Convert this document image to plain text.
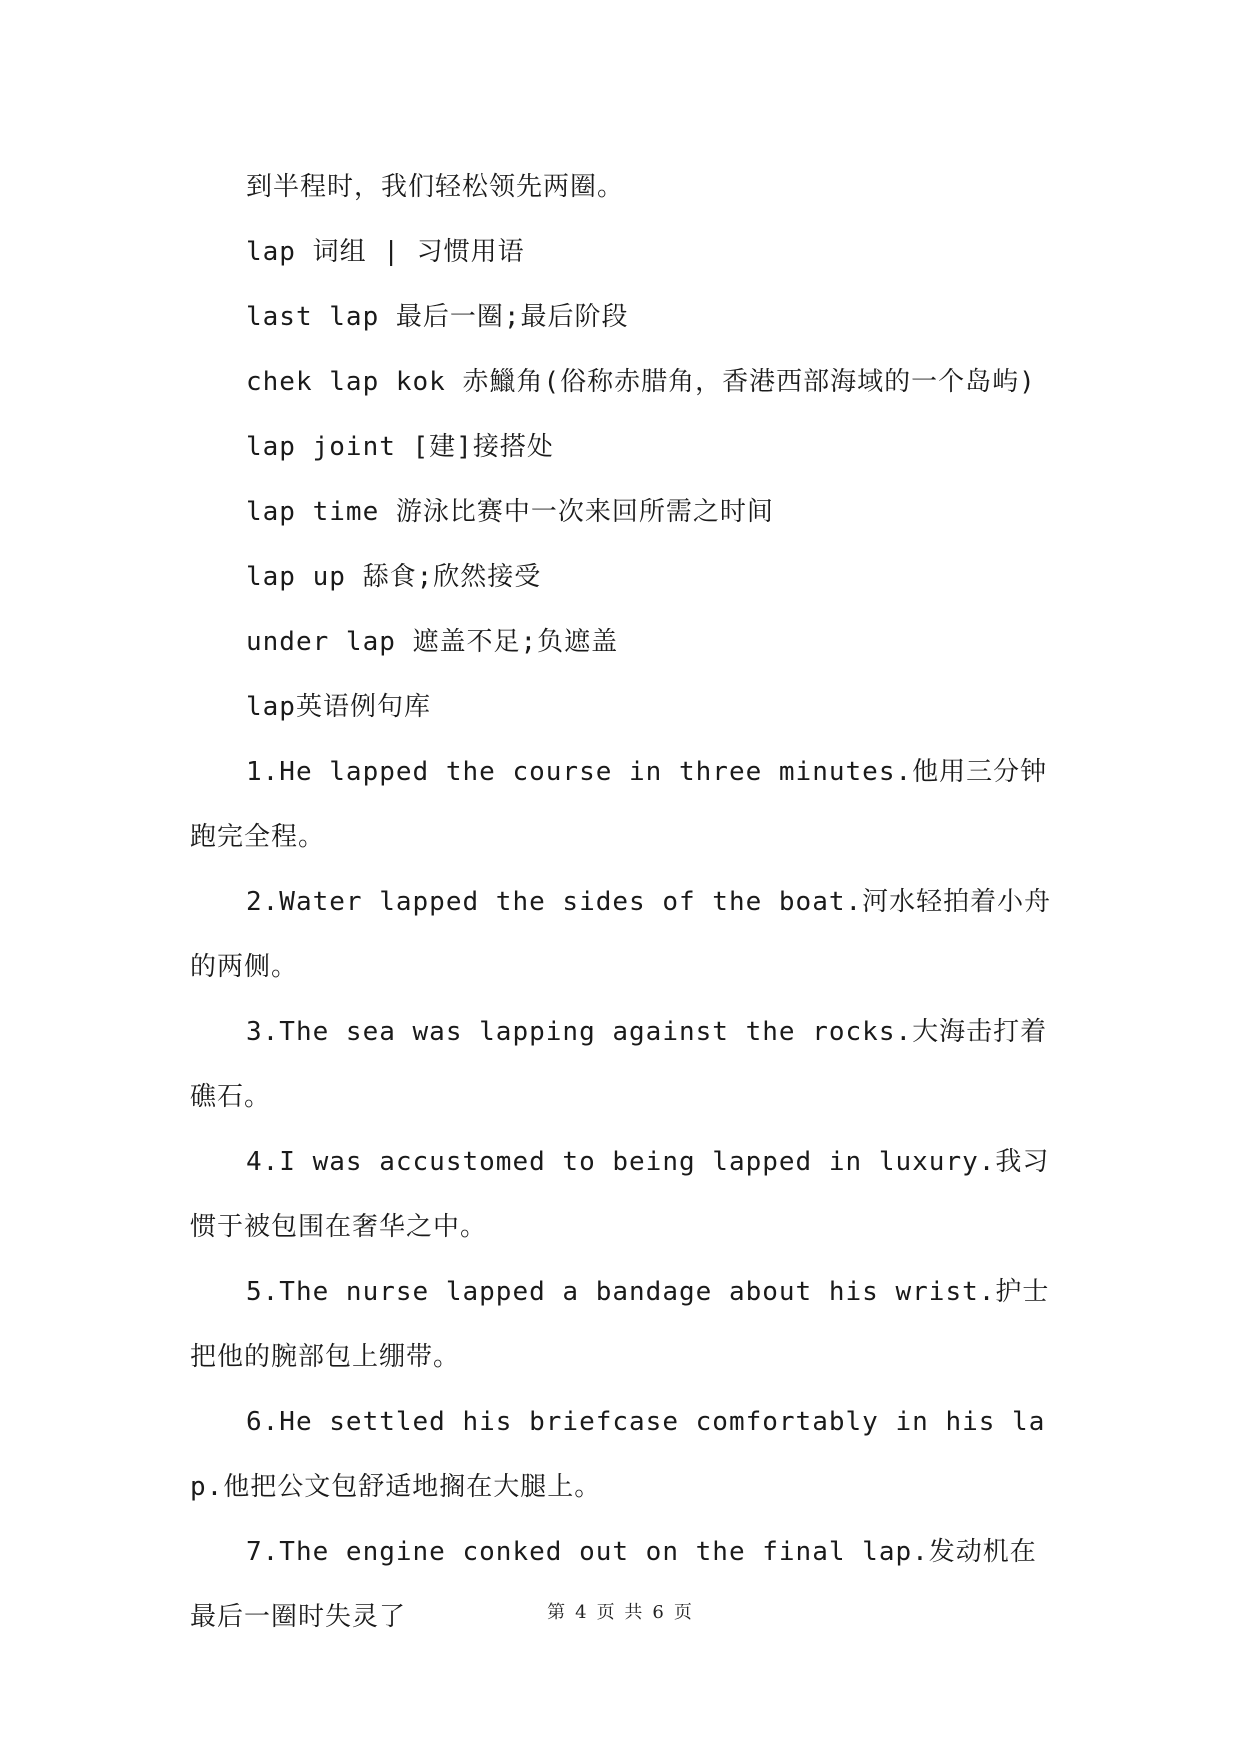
到半程时，我们轻松领先两圈。

lap 词组 ∣ 习惯用语

last lap 最后一圈;最后阶段

chek lap kok 赤鱲角(俗称赤腊角，香港西部海域的一个岛屿)

lap joint [建]接搭处

lap time 游泳比赛中一次来回所需之时间

lap up 舔食;欣然接受

under lap 遮盖不足;负遮盖

lap英语例句库

1.He lapped the course in three minutes.他用三分钟跑完全程。

2.Water lapped the sides of the boat.河水轻拍着小舟的两侧。

3.The sea was lapping against the rocks.大海击打着礁石。

4.I was accustomed to being lapped in luxury.我习惯于被包围在奢华之中。

5.The nurse lapped a bandage about his wrist.护士把他的腕部包上绷带。

6.He settled his briefcase comfortably in his lap.他把公文包舒适地搁在大腿上。

7.The engine conked out on the final lap.发动机在最后一圈时失灵了	第 4 页 共 6 页
